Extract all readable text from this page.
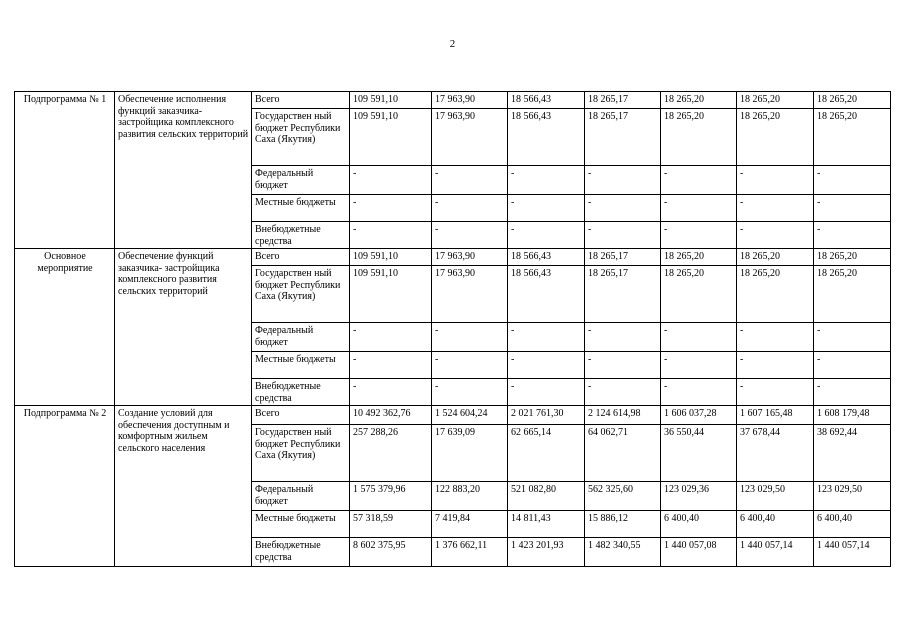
2
Подпрограмма № 1	Обеспечение исполнения функций заказчика- застройщика комплексного развития сельских территорий	Всего	109 591,10	17 963,90	18 566,43	18 265,17	18 265,20	18 265,20	18 265,20
		Государствен ный бюджет Республики Саха (Якутия)	109 591,10	17 963,90	18 566,43	18 265,17	18 265,20	18 265,20	18 265,20
		Федеральный бюджет	-	-	-	-	-	-	-
		Местные бюджеты	-	-	-	-	-	-	-
		Внебюджетные средства	-	-	-	-	-	-	-
Основное мероприятие	Обеспечение функций заказчика- застройщика комплексного развития сельских территорий	Всего	109 591,10	17 963,90	18 566,43	18 265,17	18 265,20	18 265,20	18 265,20
		Государствен ный бюджет Республики Саха (Якутия)	109 591,10	17 963,90	18 566,43	18 265,17	18 265,20	18 265,20	18 265,20
		Федеральный бюджет	-	-	-	-	-	-	-
		Местные бюджеты	-	-	-	-	-	-	-
		Внебюджетные средства	-	-	-	-	-	-	-
Подпрограмма № 2	Создание условий для обеспечения доступным и комфортным жильем сельского населения	Всего	10 492 362,76	1 524 604,24	2 021 761,30	2 124 614,98	1 606 037,28	1 607 165,48	1 608 179,48
		Государствен ный бюджет Республики Саха (Якутия)	257 288,26	17 639,09	62 665,14	64 062,71	36 550,44	37 678,44	38 692,44
		Федеральный бюджет	1 575 379,96	122 883,20	521 082,80	562 325,60	123 029,36	123 029,50	123 029,50
		Местные бюджеты	57 318,59	7 419,84	14 811,43	15 886,12	6 400,40	6 400,40	6 400,40
		Внебюджетные средства	8 602 375,95	1 376 662,11	1 423 201,93	1 482 340,55	1 440 057,08	1 440 057,14	1 440 057,14
